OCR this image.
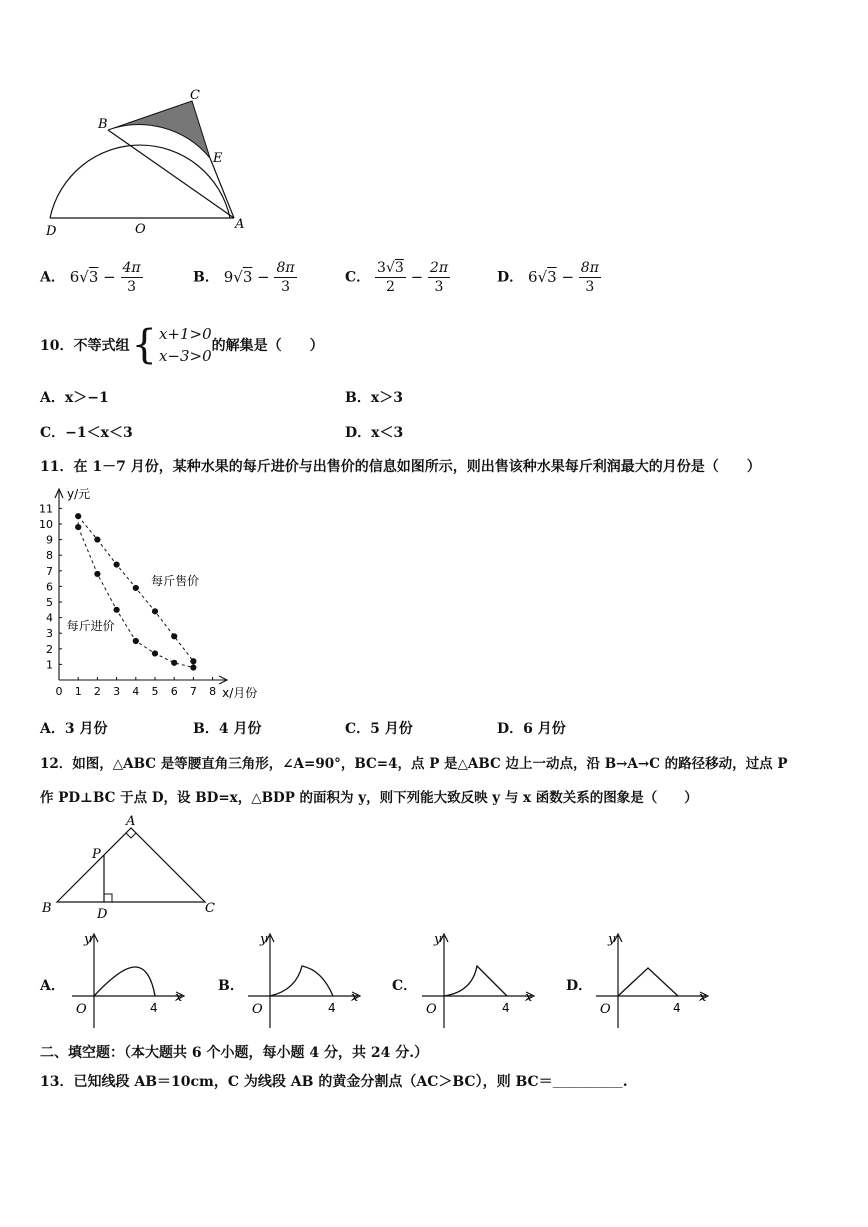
B
C
E
D	O	A
A． $6√3 - \frac{4\pi}{3}$	B． $9√3 - \frac{8\pi}{3}$	C． $\frac{3√3}{2} - \frac{2\pi}{3}$	D． $6√3 - \frac{8\pi}{3}$
10．不等式组 { x+1>0
x−3>0
的解集是（　　）
A．x＞−1	B．x＞3
C．−1＜x＜3	D．x＜3
11．在 1－7 月份，某种水果的每斤进价与出售价的信息如图所示，则出售该种水果每斤利润最大的月份是（　　）
1
2
3
4
5
6
7
8
9
10
11
0 1 2 3 4 5 6 7 8
y/元
x/月份
每斤售价
每斤进价
A．3 月份	B．4 月份	C．5 月份	D．6 月份
12．如图，△ABC 是等腰直角三角形，∠A=90°，BC=4，点 P 是△ABC 边上一动点，沿 B→A→C 的路径移动，过点 P
作 PD⊥BC 于点 D，设 BD=x，△BDP 的面积为 y，则下列能大致反映 y 与 x 函数关系的图象是（　　）
A
P
B	D	C
A．
y
x
O	4
B．
y
x
O	4
C．
y
x
O	4
D．
y
x
O	4
二、填空题：（本大题共 6 个小题，每小题 4 分，共 24 分.）
13．已知线段 AB＝10cm，C 为线段 AB 的黄金分割点（AC＞BC），则 BC＝＿＿＿＿＿.
